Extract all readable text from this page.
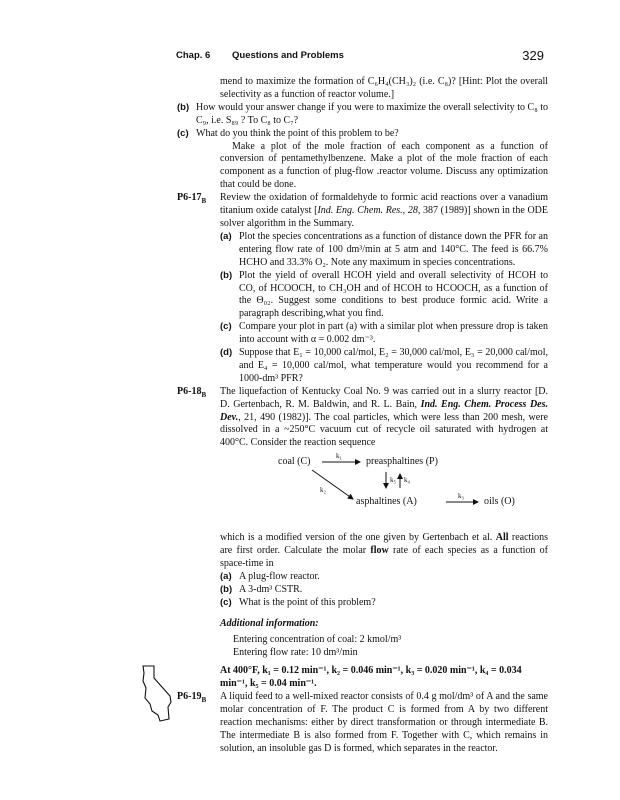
Chap. 6 Questions and Problems	329
mend to maximize the formation of C₆H₄(CH₃)₂ (i.e. C₈)? [Hint: Plot the overall selectivity as a function of reactor volume.]
(b) How would your answer change if you were to maximize the overall selectivity to C₈ to C₉, i.e. S₈₉ ? To C₈ to C₇?
(c) What do you think the point of this problem to be?
Make a plot of the mole fraction of each component as a function of conversion of pentamethylbenzene. Make a plot of the mole fraction of each component as a function of plug-flow .reactor volume. Discuss any optimization that could be done.
$P6-17_B$	Review the oxidation of formaldehyde to formic acid reactions over a vanadium titanium oxide catalyst [Ind. Eng. Chem. Res., 28, 387 (1989)] shown in the ODE solver algorithm in the Summary.
(a) Plot the species concentrations as a function of distance down the PFR for an entering flow rate of 100 dm³/min at 5 atm and 140°C. The feed is 66.7% HCHO and 33.3% O₂. Note any maximum in species concentrations.
(b) Plot the yield of overall HCOH yield and overall selectivity of HCOH to CO, of HCOOCH, to CH₃OH and of HCOH to HCOOCH, as a function of the Θ₀₂. Suggest some conditions to best produce formic acid. Write a paragraph describing,what you find.
(c) Compare your plot in part (a) with a similar plot when pressure drop is taken into account with α = 0.002 dm⁻³.
(d) Suppose that E₁ = 10,000 cal/mol, E₂ = 30,000 cal/mol, E₃ = 20,000 cal/mol, and E₄ = 10,000 cal/mol, what temperature would you recommend for a 1000-dm³ PFR?
$P6-18_B$	The liquefaction of Kentucky Coal No. 9 was carried out in a slurry reactor [D. D. Gertenbach, R. M. Baldwin, and R. L. Bain, Ind. Eng. Chem. Process Des. Dev., 21, 490 (1982)]. The coal particles, which were less than 200 mesh, were dissolved in a ~250°C vacuum cut of recycle oil saturated with hydrogen at 400°C. Consider the reaction sequence
coal (C)	k₁ preasphaltines (P)
k₂
k₅ k₄
asphaltines (A)	k₃ oils (O)
which is a modified version of the one given by Gertenbach et al. All reactions are first order. Calculate the molar flow rate of each species as a function of space-time in
(a) A plug-flow reactor.
(b) A 3-dm³ CSTR.
(c) What is the point of this problem?
Additional information:
Entering concentration of coal: 2 kmol/m³
Entering flow rate: 10 dm³/min
At 400°F, k₁ = 0.12 min⁻¹, k₂ = 0.046 min⁻¹, k₃ = 0.020 min⁻¹, k₄ = 0.034 min⁻¹, k₅ = 0.04 min⁻¹.
$P6-19_B$	A liquid feed to a well-mixed reactor consists of 0.4 g mol/dm³ of A and the same molar concentration of F. The product C is formed from A by two different reaction mechanisms: either by direct transformation or through intermediate B. The intermediate B is also formed from F. Together with C, which remains in solution, an insoluble gas D is formed, which separates in the reactor.
